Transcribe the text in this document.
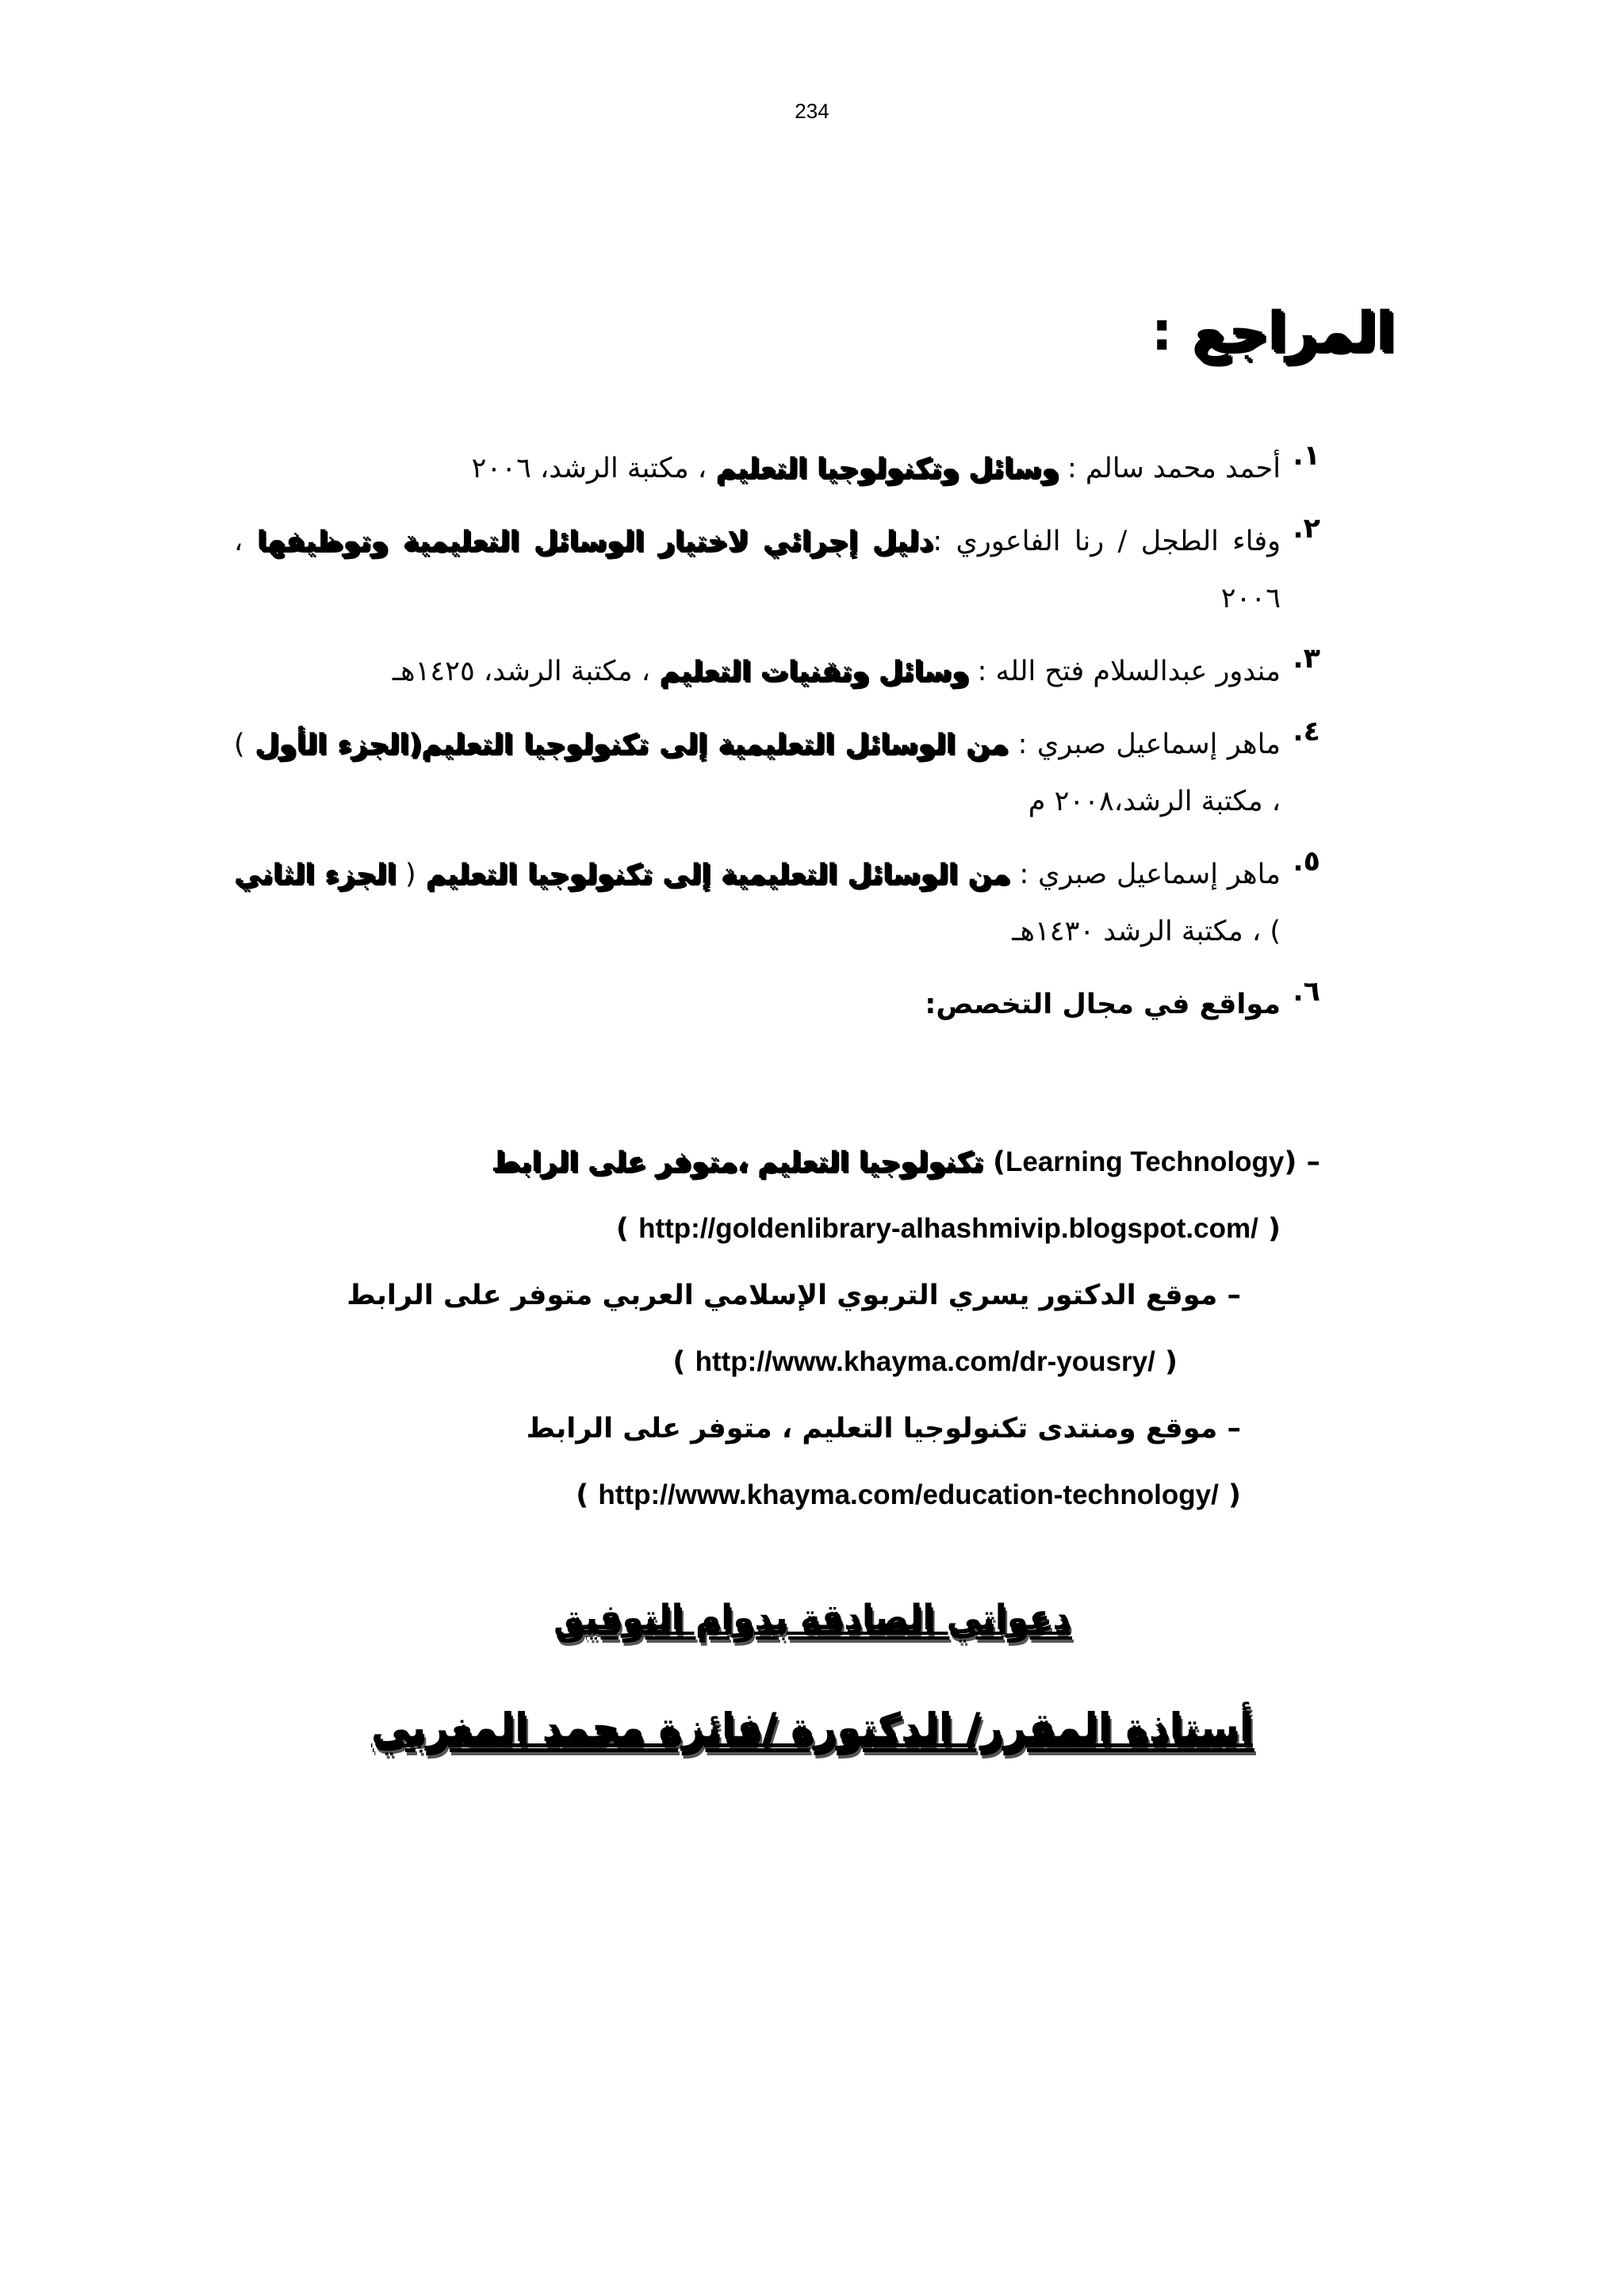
234
المراجع :
١.
أحمد محمد سالم : وسائل وتكنولوجيا التعليم ، مكتبة الرشد، ٢٠٠٦
٢.
وفاء الطجل / رنا الفاعوري :دليل إجرائي لاختيار الوسائل التعليمية وتوظيفها ، ٢٠٠٦
٣.
مندور عبدالسلام فتح الله : وسائل وتقنيات التعليم ، مكتبة الرشد، ١٤٢٥هـ
٤.
ماهر إسماعيل صبري : من الوسائل التعليمية إلى تكنولوجيا التعليم(الجزء الأول ) ، مكتبة الرشد،٢٠٠٨ م
٥.
ماهر إسماعيل صبري : من الوسائل التعليمية إلى تكنولوجيا التعليم ( الجزء الثاني ) ، مكتبة الرشد ١٤٣٠هـ
٦.
مواقع في مجال التخصص:
– (Learning Technology) تكنولوجيا التعليم ،متوفر على الرابط
( http://goldenlibrary-alhashmivip.blogspot.com/ )
– موقع الدكتور يسري التربوي الإسلامي العربي متوفر على الرابط
( http://www.khayma.com/dr-yousry/ )
– موقع ومنتدى تكنولوجيا التعليم ، متوفر على الرابط
( http://www.khayma.com/education-technology/ )
دعواتي الصادقة بدوام التوفيق
أستاذة المقرر/ الدكتورة /فائزة محمد المغربي
